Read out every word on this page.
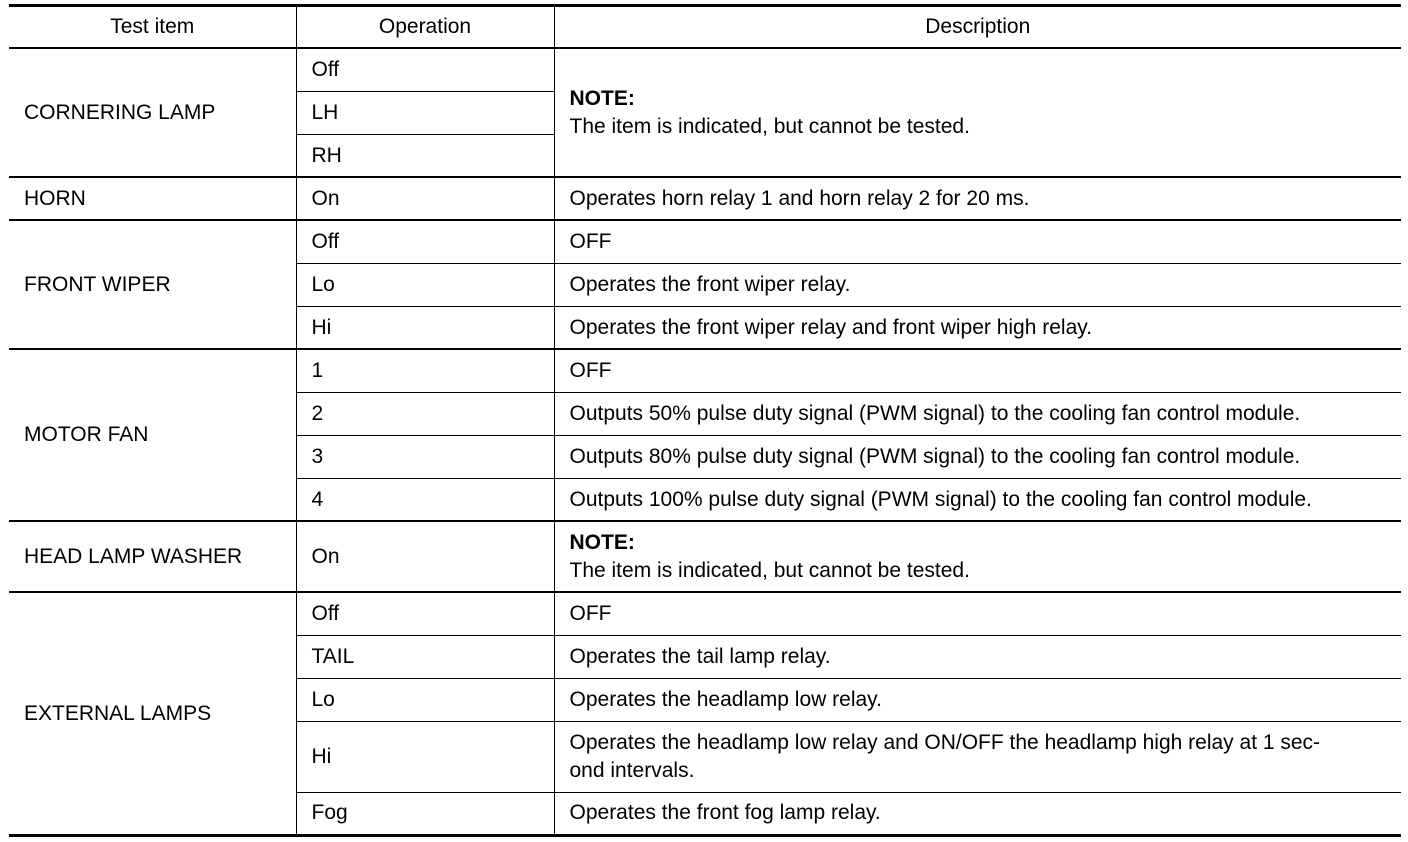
Test item	Operation	Description
CORNERING LAMP	Off	NOTE:
The item is indicated, but cannot be tested.
	LH	
	RH	
HORN	On	Operates horn relay 1 and horn relay 2 for 20 ms.
FRONT WIPER	Off	OFF
	Lo	Operates the front wiper relay.
	Hi	Operates the front wiper relay and front wiper high relay.
MOTOR FAN	1	OFF
	2	Outputs 50% pulse duty signal (PWM signal) to the cooling fan control module.
	3	Outputs 80% pulse duty signal (PWM signal) to the cooling fan control module.
	4	Outputs 100% pulse duty signal (PWM signal) to the cooling fan control module.
HEAD LAMP WASHER	On	NOTE:
The item is indicated, but cannot be tested.
EXTERNAL LAMPS	Off	OFF
	TAIL	Operates the tail lamp relay.
	Lo	Operates the headlamp low relay.
	Hi	Operates the headlamp low relay and ON/OFF the headlamp high relay at 1 sec-
ond intervals.
	Fog	Operates the front fog lamp relay.
